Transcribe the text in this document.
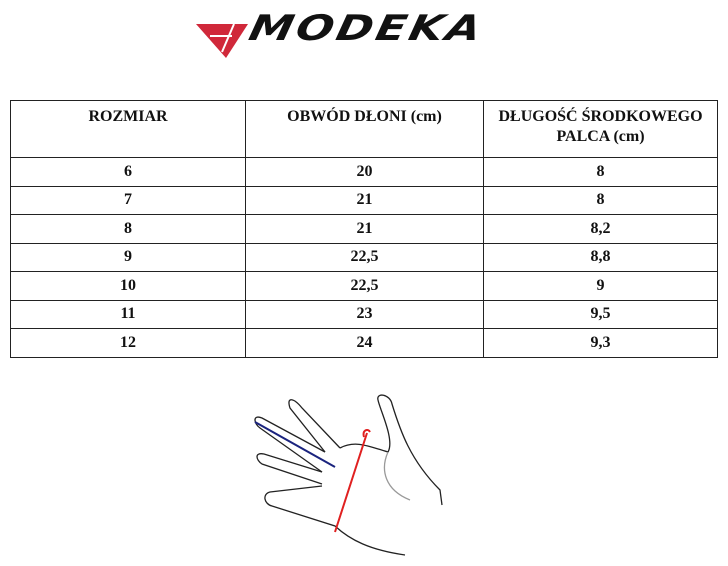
MODEKA
ROZMIAR	OBWÓD DŁONI (cm)	DŁUGOŚĆ ŚRODKOWEGO PALCA (cm)
6	20	8
7	21	8
8	21	8,2
9	22,5	8,8
10	22,5	9
11	23	9,5
12	24	9,3
